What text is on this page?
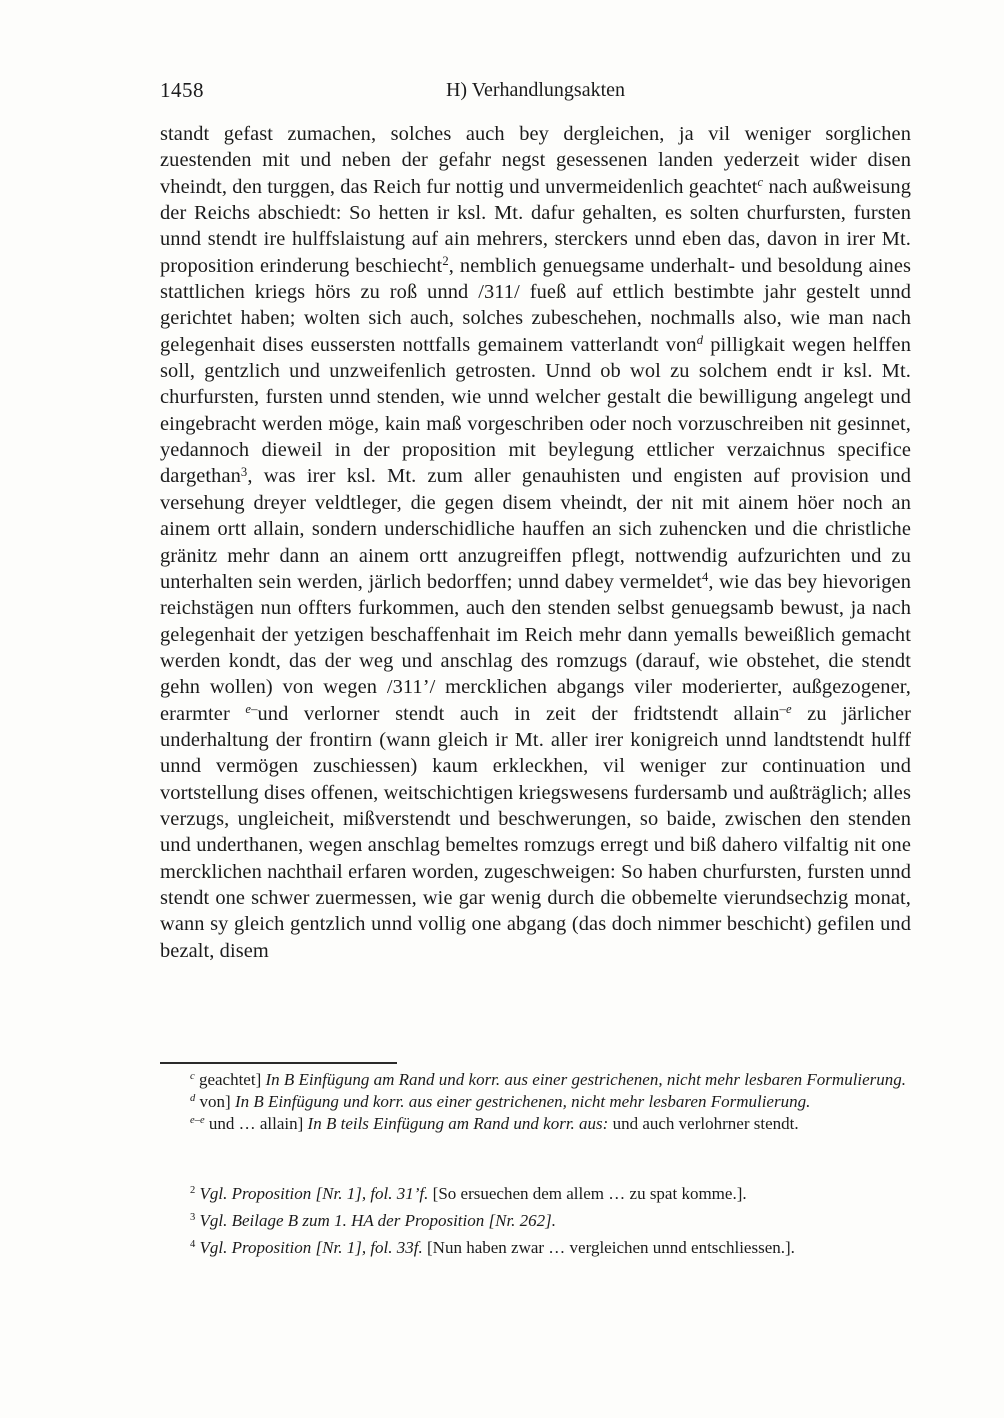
1458	H) Verhandlungsakten
standt gefast zumachen, solches auch bey dergleichen, ja vil weniger sorglichen zuestenden mit und neben der gefahr negst gesessenen landen yederzeit wider disen vheindt, den turggen, das Reich fur nottig und unvermeidenlich geachtet$^c$ nach außweisung der Reichs abschiedt: So hetten ir ksl. Mt. dafur gehalten, es solten churfursten, fursten unnd stendt ire hulffslaistung auf ain mehrers, sterckers unnd eben das, davon in irer Mt. proposition erinderung beschiecht$^2$, nemblich genuegsame underhalt- und besoldung aines stattlichen kriegs hörs zu roß unnd /311/ fueß auf ettlich bestimbte jahr gestelt unnd gerichtet haben; wolten sich auch, solches zubeschehen, nochmalls also, wie man nach gelegenhait dises eussersten nottfalls gemainem vatterlandt von$^d$ pilligkait wegen helffen soll, gentzlich und unzweifenlich getrosten. Unnd ob wol zu solchem endt ir ksl. Mt. churfursten, fursten unnd stenden, wie unnd welcher gestalt die bewilligung angelegt und eingebracht werden möge, kain maß vorgeschriben oder noch vorzuschreiben nit gesinnet, yedannoch dieweil in der proposition mit beylegung ettlicher verzaichnus specifice dargethan$^3$, was irer ksl. Mt. zum aller genauhisten und engisten auf provision und versehung dreyer veldtleger, die gegen disem vheindt, der nit mit ainem höer noch an ainem ortt allain, sondern underschidliche hauffen an sich zuhencken und die christliche gränitz mehr dann an ainem ortt anzugreiffen pflegt, nottwendig aufzurichten und zu unterhalten sein werden, järlich bedorffen; unnd dabey vermeldet$^4$, wie das bey hievorigen reichstägen nun offters furkommen, auch den stenden selbst genuegsamb bewust, ja nach gelegenhait der yetzigen beschaffenhait im Reich mehr dann yemalls beweißlich gemacht werden kondt, das der weg und anschlag des romzugs (darauf, wie obstehet, die stendt gehn wollen) von wegen /311’/ mercklichen abgangs viler moderierter, außgezogener, erarmter $^{e-}$und verlorner stendt auch in zeit der fridtstendt allain$^{-e}$ zu järlicher underhaltung der frontirn (wann gleich ir Mt. aller irer konigreich unnd landtstendt hulff unnd vermögen zuschiessen) kaum erkleckhen, vil weniger zur continuation und vortstellung dises offenen, weitschichtigen kriegswesens furdersamb und außträglich; alles verzugs, ungleicheit, mißverstendt und beschwerungen, so baide, zwischen den stenden und underthanen, wegen anschlag bemeltes romzugs erregt und biß dahero vilfaltig nit one mercklichen nachthail erfaren worden, zugeschweigen: So haben churfursten, fursten unnd stendt one schwer zuermessen, wie gar wenig durch die obbemelte vierundsechzig monat, wann sy gleich gentzlich unnd vollig one abgang (das doch nimmer beschicht) gefilen und bezalt, disem

$^c$ geachtet] In B Einfügung am Rand und korr. aus einer gestrichenen, nicht mehr lesbaren Formulierung.

$^d$ von] In B Einfügung und korr. aus einer gestrichenen, nicht mehr lesbaren Formulierung.

$^{e-e}$ und … allain] In B teils Einfügung am Rand und korr. aus: und auch verlohrner stendt.

$^2$ Vgl. Proposition [Nr. 1], fol. 31’f. [So ersuechen dem allem … zu spat komme.].

$^3$ Vgl. Beilage B zum 1. HA der Proposition [Nr. 262].

$^4$ Vgl. Proposition [Nr. 1], fol. 33f. [Nun haben zwar … vergleichen unnd entschliessen.].
